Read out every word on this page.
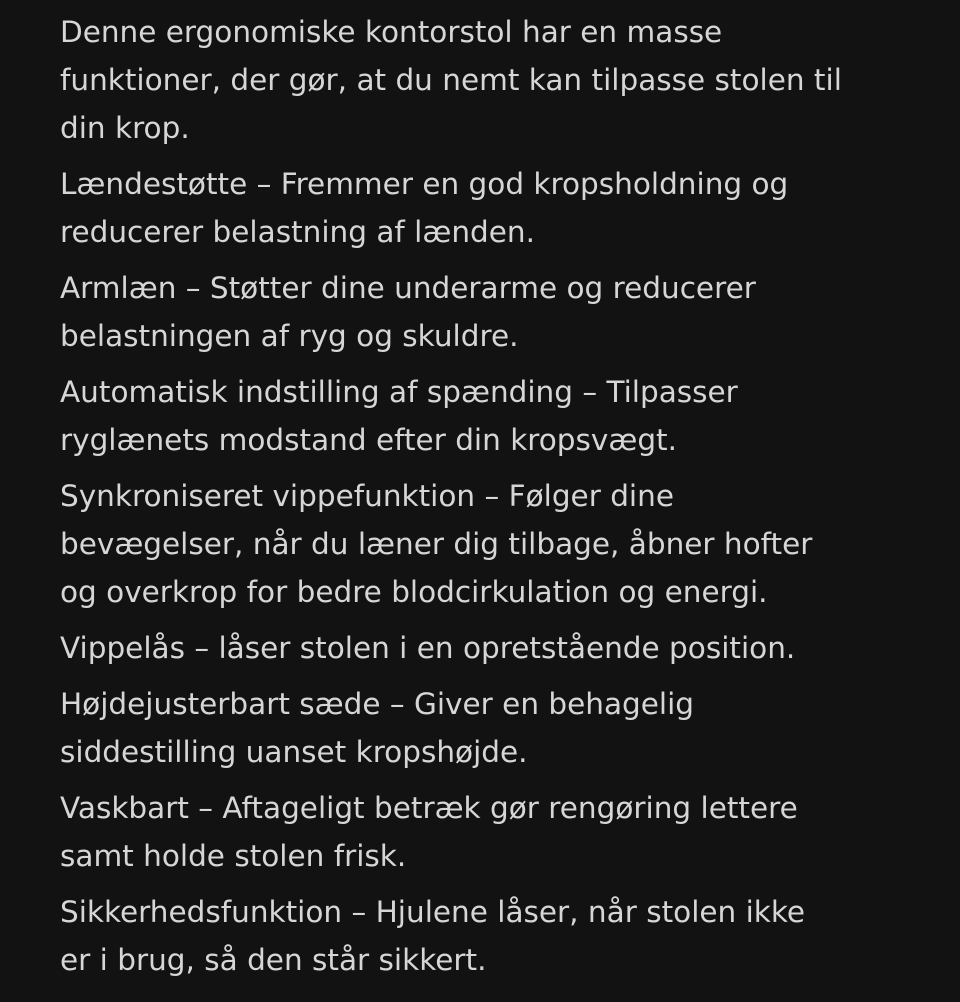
Denne ergonomiske kontorstol har en masse
funktioner, der gør, at du nemt kan tilpasse stolen til
din krop.

Lændestøtte – Fremmer en god kropsholdning og
reducerer belastning af lænden.

Armlæn – Støtter dine underarme og reducerer
belastningen af ryg og skuldre.

Automatisk indstilling af spænding – Tilpasser
ryglænets modstand efter din kropsvægt.

Synkroniseret vippefunktion – Følger dine
bevægelser, når du læner dig tilbage, åbner hofter
og overkrop for bedre blodcirkulation og energi.

Vippelås – låser stolen i en opretstående position.

Højdejusterbart sæde – Giver en behagelig
siddestilling uanset kropshøjde.

Vaskbart – Aftageligt betræk gør rengøring lettere
samt holde stolen frisk.

Sikkerhedsfunktion – Hjulene låser, når stolen ikke
er i brug, så den står sikkert.
